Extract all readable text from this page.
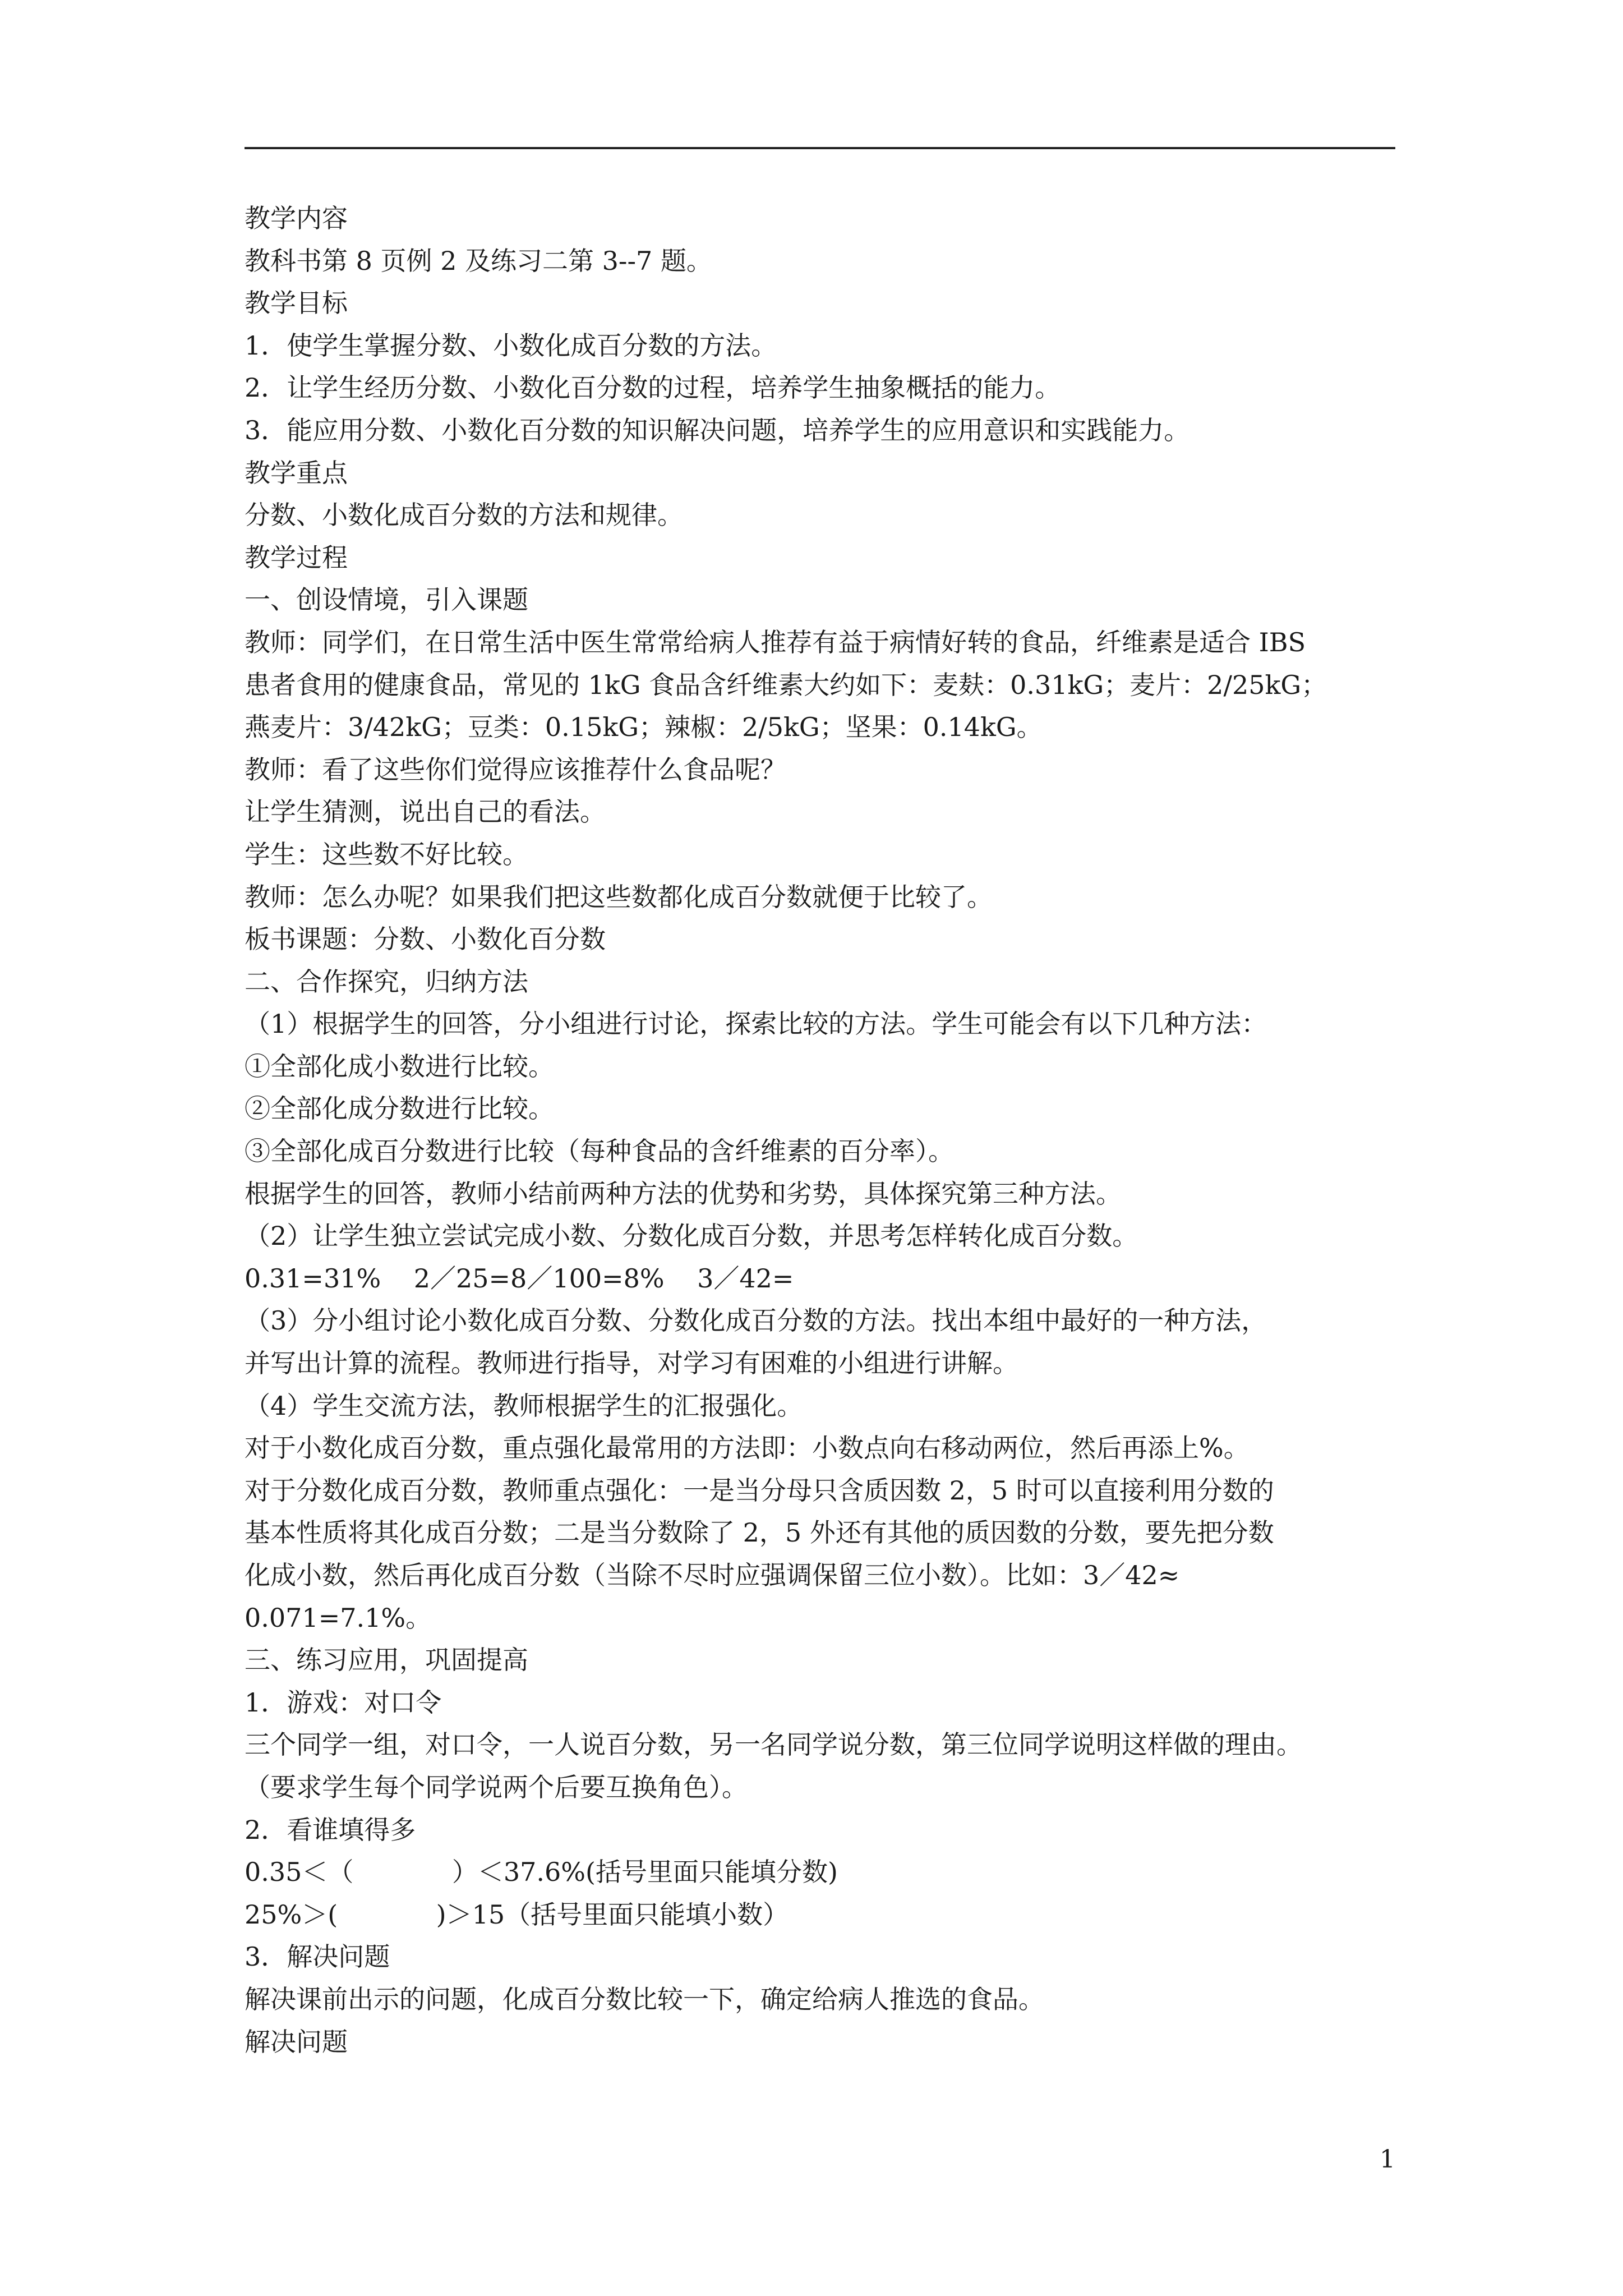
教学内容
教科书第 8 页例 2 及练习二第 3--7 题。
教学目标
1．使学生掌握分数、小数化成百分数的方法。
2．让学生经历分数、小数化百分数的过程，培养学生抽象概括的能力。
3．能应用分数、小数化百分数的知识解决问题，培养学生的应用意识和实践能力。
教学重点
分数、小数化成百分数的方法和规律。
教学过程
一、创设情境，引入课题
教师：同学们，在日常生活中医生常常给病人推荐有益于病情好转的食品，纤维素是适合 IBS
患者食用的健康食品，常见的 1kG 食品含纤维素大约如下：麦麸：0.31kG；麦片：2/25kG；
燕麦片：3/42kG；豆类：0.15kG；辣椒：2/5kG；坚果：0.14kG。
教师：看了这些你们觉得应该推荐什么食品呢？
让学生猜测，说出自己的看法。
学生：这些数不好比较。
教师：怎么办呢？如果我们把这些数都化成百分数就便于比较了。
板书课题：分数、小数化百分数
二、合作探究，归纳方法
（1）根据学生的回答，分小组进行讨论，探索比较的方法。学生可能会有以下几种方法：
①全部化成小数进行比较。
②全部化成分数进行比较。
③全部化成百分数进行比较（每种食品的含纤维素的百分率）。
根据学生的回答，教师小结前两种方法的优势和劣势，具体探究第三种方法。
（2）让学生独立尝试完成小数、分数化成百分数，并思考怎样转化成百分数。
0.31=31%    2／25=8／100=8%    3／42=
（3）分小组讨论小数化成百分数、分数化成百分数的方法。找出本组中最好的一种方法，
并写出计算的流程。教师进行指导，对学习有困难的小组进行讲解。
（4）学生交流方法，教师根据学生的汇报强化。
对于小数化成百分数，重点强化最常用的方法即：小数点向右移动两位，然后再添上%。
对于分数化成百分数，教师重点强化：一是当分母只含质因数 2，5 时可以直接利用分数的
基本性质将其化成百分数；二是当分数除了 2，5 外还有其他的质因数的分数，要先把分数
化成小数，然后再化成百分数（当除不尽时应强调保留三位小数）。比如：3／42≈
0.071=7.1%。
三、练习应用，巩固提高
1．游戏：对口令
三个同学一组，对口令，一人说百分数，另一名同学说分数，第三位同学说明这样做的理由。
（要求学生每个同学说两个后要互换角色）。
2．看谁填得多
0.35＜（            ）＜37.6%(括号里面只能填分数)
25%＞(            )＞15（括号里面只能填小数）
3．解决问题
解决课前出示的问题，化成百分数比较一下，确定给病人推选的食品。
解决问题
1
